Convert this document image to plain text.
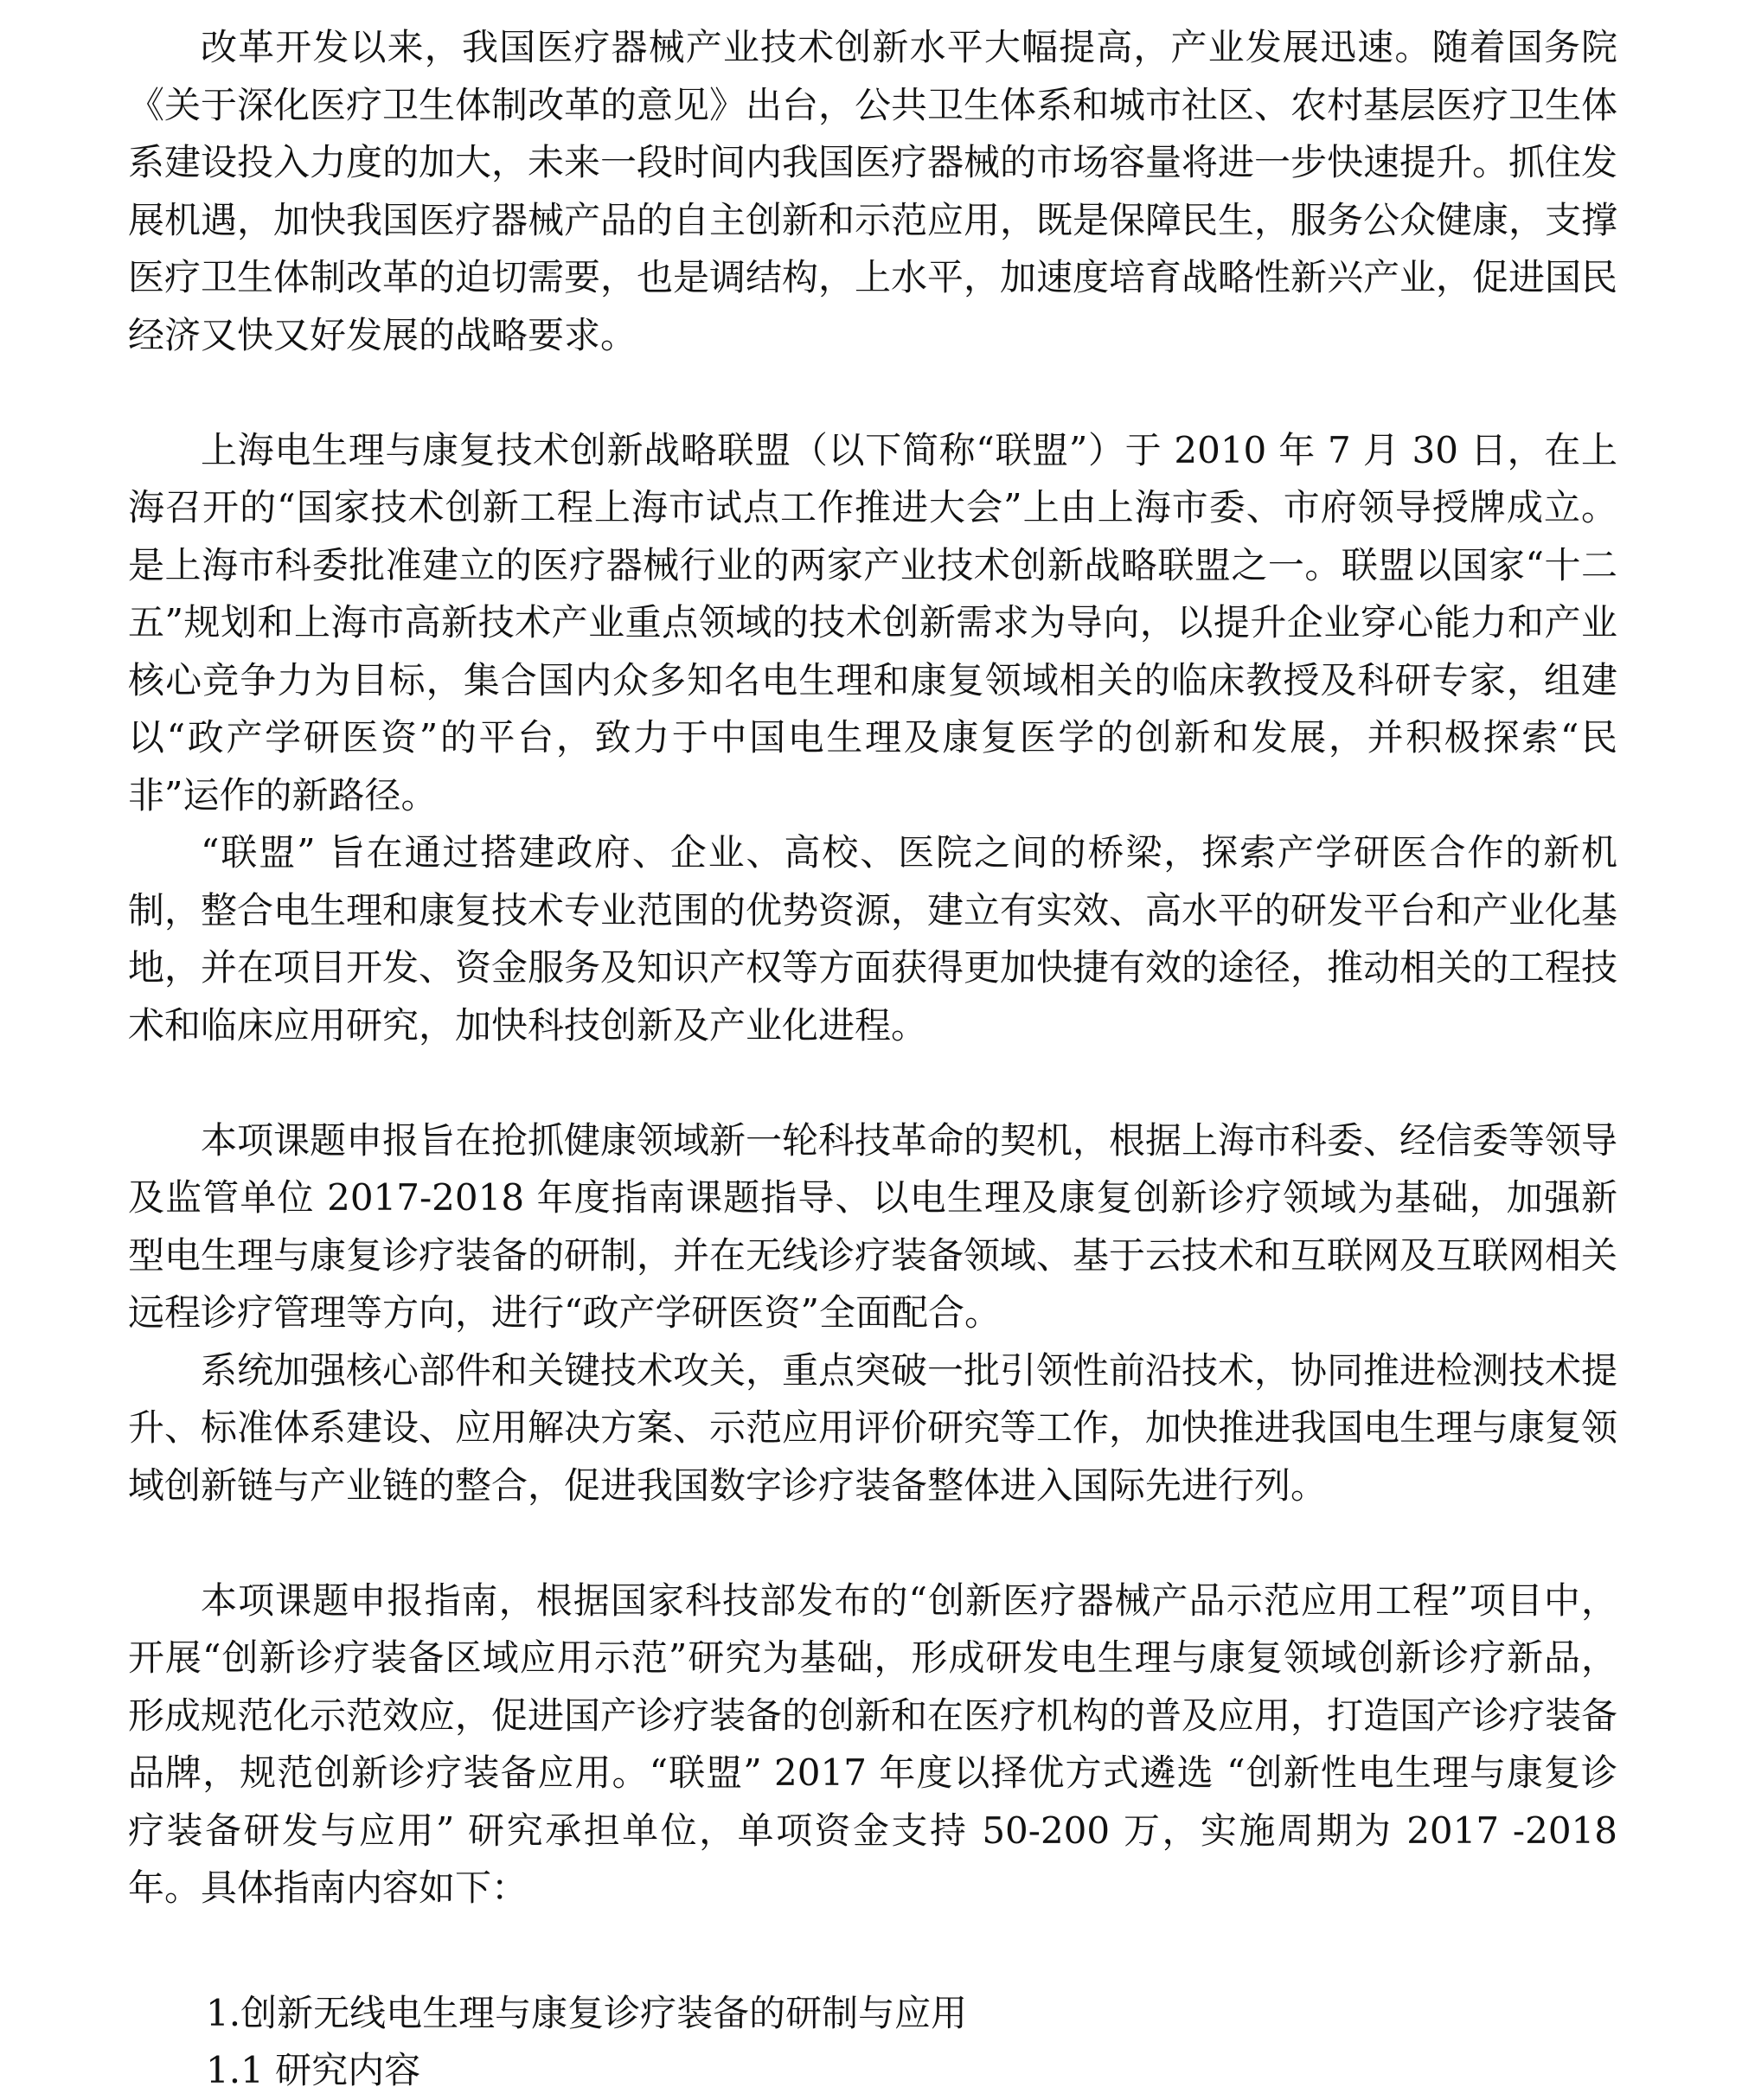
改革开发以来，我国医疗器械产业技术创新水平大幅提高，产业发展迅速。随着国务院《关于深化医疗卫生体制改革的意见》出台，公共卫生体系和城市社区、农村基层医疗卫生体系建设投入力度的加大，未来一段时间内我国医疗器械的市场容量将进一步快速提升。抓住发展机遇，加快我国医疗器械产品的自主创新和示范应用，既是保障民生，服务公众健康，支撑医疗卫生体制改革的迫切需要，也是调结构，上水平，加速度培育战略性新兴产业，促进国民经济又快又好发展的战略要求。

上海电生理与康复技术创新战略联盟（以下简称“联盟”）于 2010 年 7 月 30 日，在上海召开的“国家技术创新工程上海市试点工作推进大会”上由上海市委、市府领导授牌成立。是上海市科委批准建立的医疗器械行业的两家产业技术创新战略联盟之一。联盟以国家“十二五”规划和上海市高新技术产业重点领域的技术创新需求为导向，以提升企业穿心能力和产业核心竞争力为目标，集合国内众多知名电生理和康复领域相关的临床教授及科研专家，组建以“政产学研医资”的平台，致力于中国电生理及康复医学的创新和发展，并积极探索“民非”运作的新路径。

“联盟” 旨在通过搭建政府、企业、高校、医院之间的桥梁，探索产学研医合作的新机制，整合电生理和康复技术专业范围的优势资源，建立有实效、高水平的研发平台和产业化基地，并在项目开发、资金服务及知识产权等方面获得更加快捷有效的途径，推动相关的工程技术和临床应用研究，加快科技创新及产业化进程。

本项课题申报旨在抢抓健康领域新一轮科技革命的契机，根据上海市科委、经信委等领导及监管单位 2017-2018 年度指南课题指导、以电生理及康复创新诊疗领域为基础，加强新型电生理与康复诊疗装备的研制，并在无线诊疗装备领域、基于云技术和互联网及互联网相关远程诊疗管理等方向，进行“政产学研医资”全面配合。

系统加强核心部件和关键技术攻关，重点突破一批引领性前沿技术，协同推进检测技术提升、标准体系建设、应用解决方案、示范应用评价研究等工作，加快推进我国电生理与康复领域创新链与产业链的整合，促进我国数字诊疗装备整体进入国际先进行列。

本项课题申报指南，根据国家科技部发布的“创新医疗器械产品示范应用工程”项目中，开展“创新诊疗装备区域应用示范”研究为基础，形成研发电生理与康复领域创新诊疗新品，形成规范化示范效应，促进国产诊疗装备的创新和在医疗机构的普及应用，打造国产诊疗装备品牌，规范创新诊疗装备应用。“联盟” 2017 年度以择优方式遴选 “创新性电生理与康复诊疗装备研发与应用” 研究承担单位，单项资金支持 50-200 万，实施周期为 2017 -2018 年。具体指南内容如下：

1.创新无线电生理与康复诊疗装备的研制与应用

1.1 研究内容
